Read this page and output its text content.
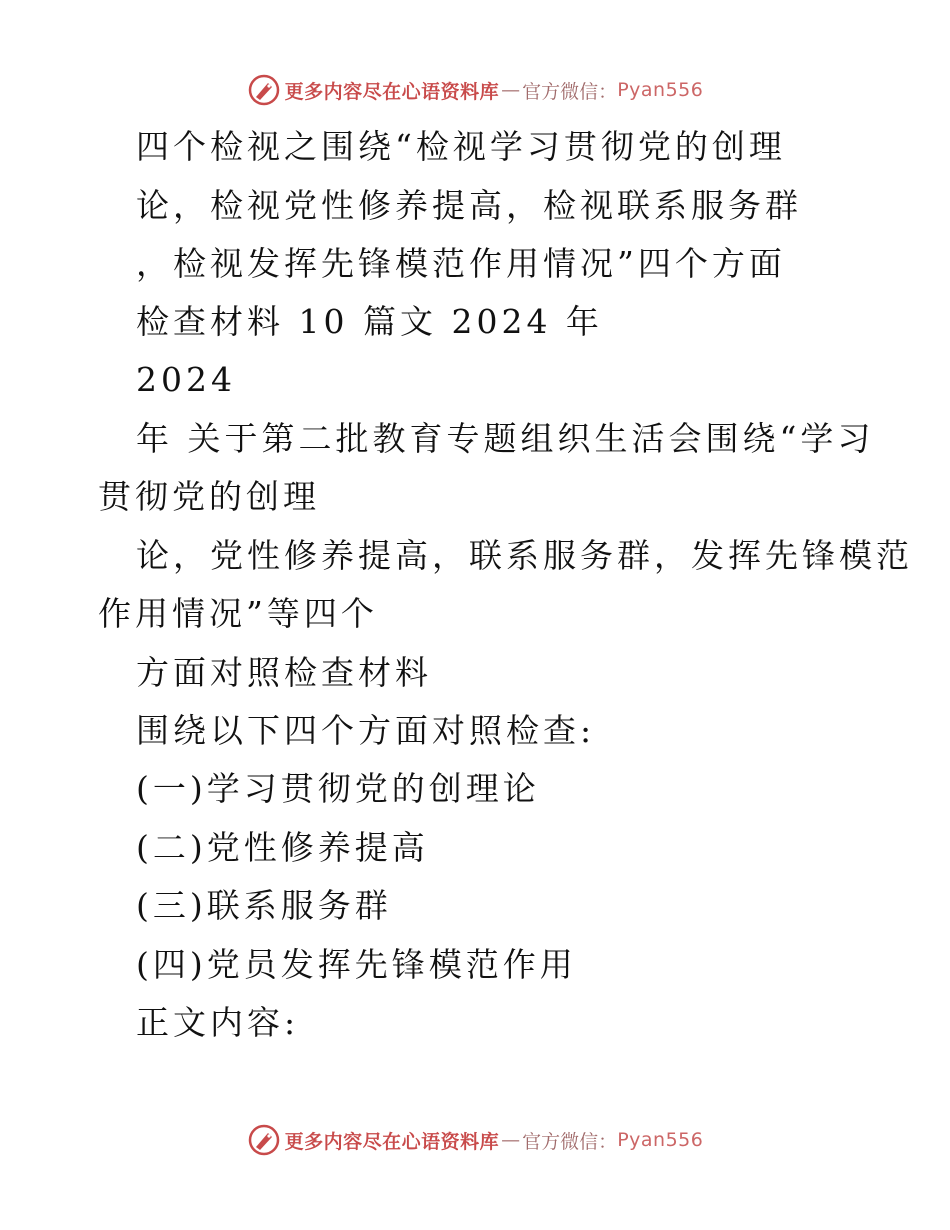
更多内容尽在心语资料库 — 官方微信： Pyan556
四个检视之围绕“检视学习贯彻党的创理
论，检视党性修养提高，检视联系服务群
，检视发挥先锋模范作用情况”四个方面
检查材料 10 篇文 2024 年
2024
年 关于第二批教育专题组织生活会围绕“学习
贯彻党的创理
论，党性修养提高，联系服务群，发挥先锋模范
作用情况”等四个
方面对照检查材料
围绕以下四个方面对照检查:
(一)学习贯彻党的创理论
(二)党性修养提高
(三)联系服务群
(四)党员发挥先锋模范作用
正文内容:
更多内容尽在心语资料库 — 官方微信： Pyan556
